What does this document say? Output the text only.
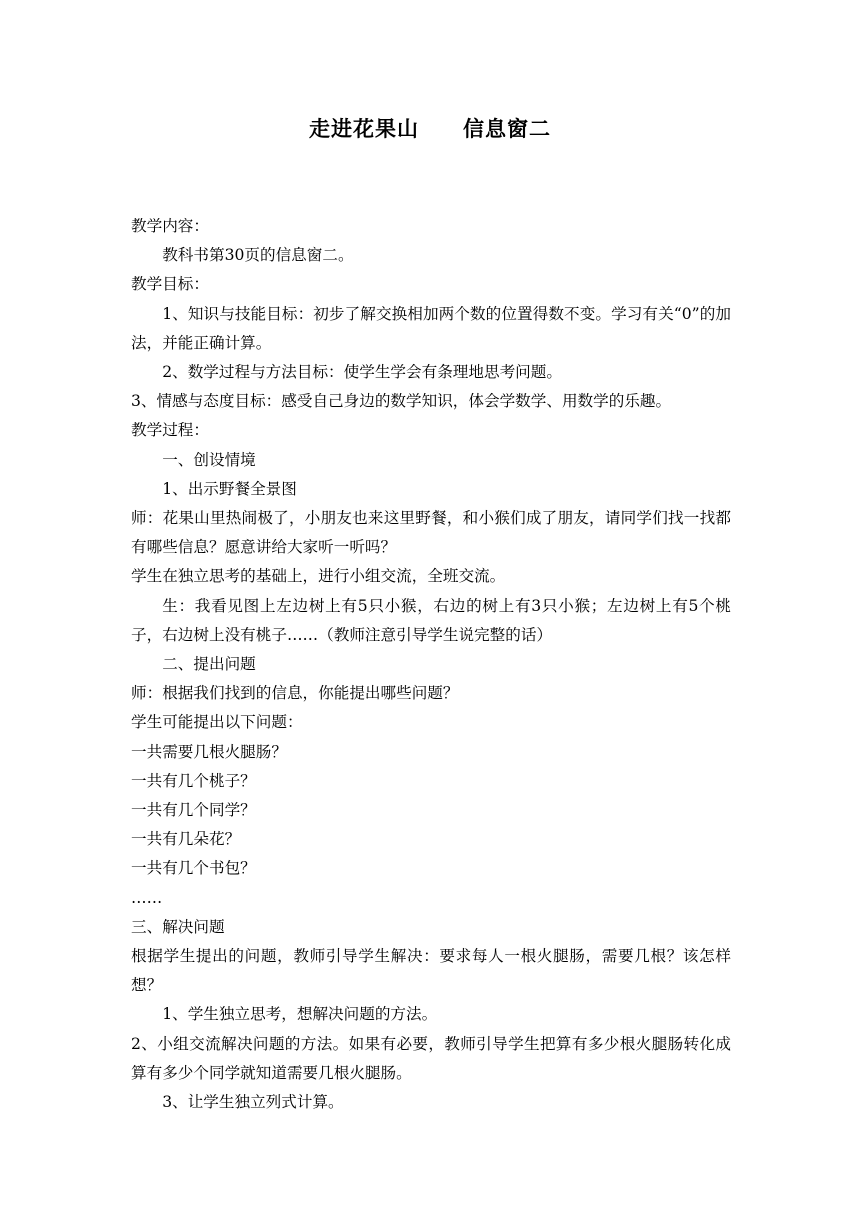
走进花果山　　信息窗二

教学内容：

教科书第30页的信息窗二。

教学目标：

1、知识与技能目标：初步了解交换相加两个数的位置得数不变。学习有关“0”的加法，并能正确计算。

2、数学过程与方法目标：使学生学会有条理地思考问题。

3、情感与态度目标：感受自己身边的数学知识，体会学数学、用数学的乐趣。

教学过程：

一、创设情境

1、出示野餐全景图

师：花果山里热闹极了，小朋友也来这里野餐，和小猴们成了朋友，请同学们找一找都有哪些信息？愿意讲给大家听一听吗？

学生在独立思考的基础上，进行小组交流，全班交流。

生：我看见图上左边树上有5只小猴，右边的树上有3只小猴；左边树上有5个桃子，右边树上没有桃子……（教师注意引导学生说完整的话）

二、提出问题

师：根据我们找到的信息，你能提出哪些问题？

学生可能提出以下问题：

一共需要几根火腿肠？

一共有几个桃子？

一共有几个同学？

一共有几朵花？

一共有几个书包？

……

三、解决问题

根据学生提出的问题，教师引导学生解决：要求每人一根火腿肠，需要几根？该怎样想？

1、学生独立思考，想解决问题的方法。

2、小组交流解决问题的方法。如果有必要，教师引导学生把算有多少根火腿肠转化成算有多少个同学就知道需要几根火腿肠。

3、让学生独立列式计算。
